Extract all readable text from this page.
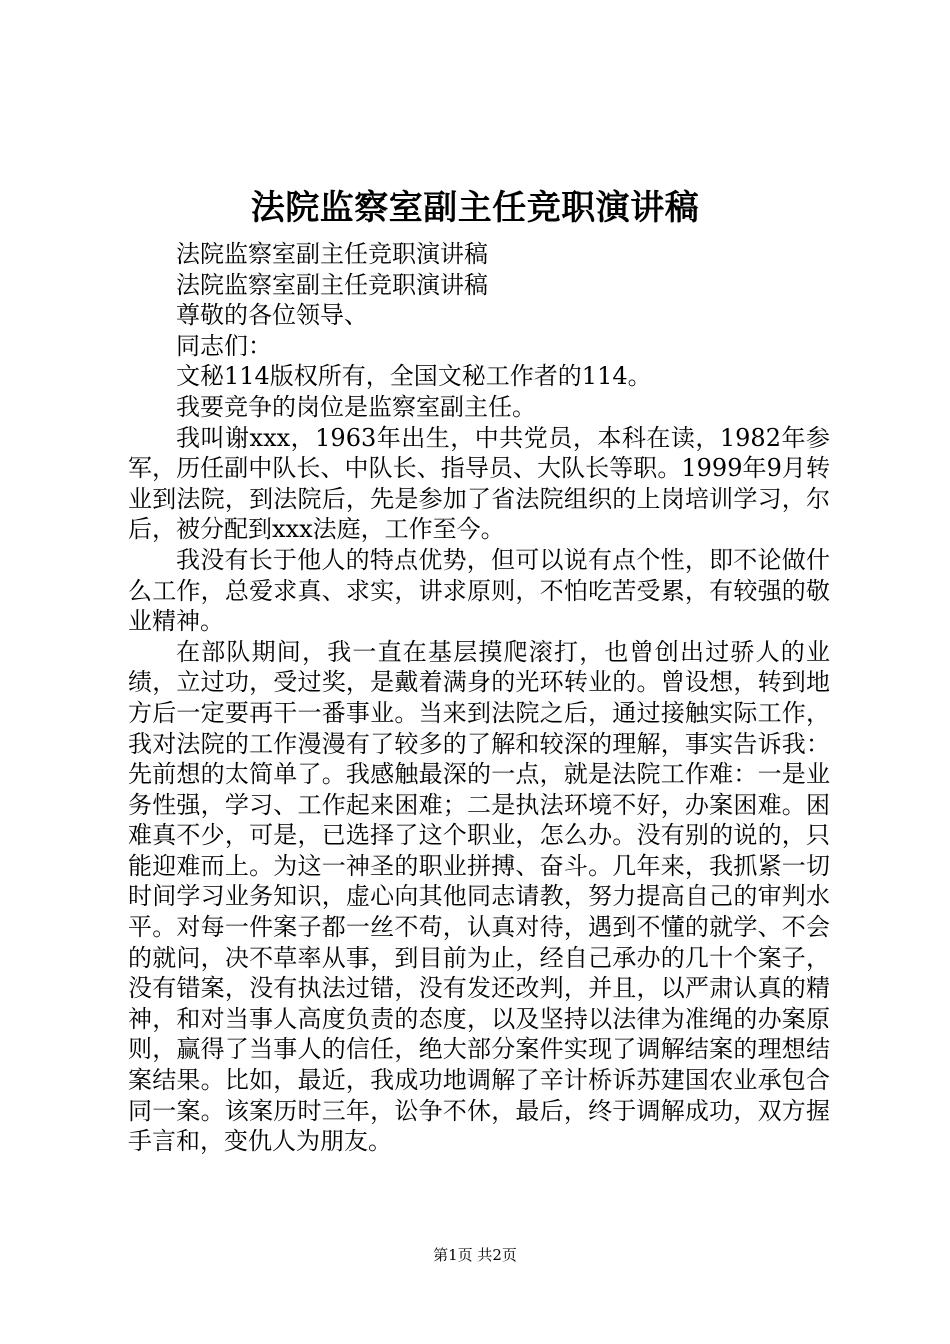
法院监察室副主任竞职演讲稿

法院监察室副主任竞职演讲稿

法院监察室副主任竞职演讲稿

尊敬的各位领导、

同志们：

文秘114版权所有，全国文秘工作者的114。

我要竞争的岗位是监察室副主任。

我叫谢xxx，1963年出生，中共党员，本科在读，1982年参军，历任副中队长、中队长、指导员、大队长等职。1999年9月转业到法院，到法院后，先是参加了省法院组织的上岗培训学习，尔后，被分配到xxx法庭，工作至今。

我没有长于他人的特点优势，但可以说有点个性，即不论做什么工作，总爱求真、求实，讲求原则，不怕吃苦受累，有较强的敬业精神。

在部队期间，我一直在基层摸爬滚打，也曾创出过骄人的业绩，立过功，受过奖，是戴着满身的光环转业的。曾设想，转到地方后一定要再干一番事业。当来到法院之后，通过接触实际工作，我对法院的工作漫漫有了较多的了解和较深的理解，事实告诉我：先前想的太简单了。我感触最深的一点，就是法院工作难：一是业务性强，学习、工作起来困难；二是执法环境不好，办案困难。困难真不少，可是，已选择了这个职业，怎么办。没有别的说的，只能迎难而上。为这一神圣的职业拼搏、奋斗。几年来，我抓紧一切时间学习业务知识，虚心向其他同志请教，努力提高自己的审判水平。对每一件案子都一丝不苟，认真对待，遇到不懂的就学、不会的就问，决不草率从事，到目前为止，经自己承办的几十个案子，没有错案，没有执法过错，没有发还改判，并且，以严肃认真的精神，和对当事人高度负责的态度，以及坚持以法律为准绳的办案原则，赢得了当事人的信任，绝大部分案件实现了调解结案的理想结案结果。比如，最近，我成功地调解了辛计桥诉苏建国农业承包合同一案。该案历时三年，讼争不休，最后，终于调解成功，双方握手言和，变仇人为朋友。

第1页 共2页
